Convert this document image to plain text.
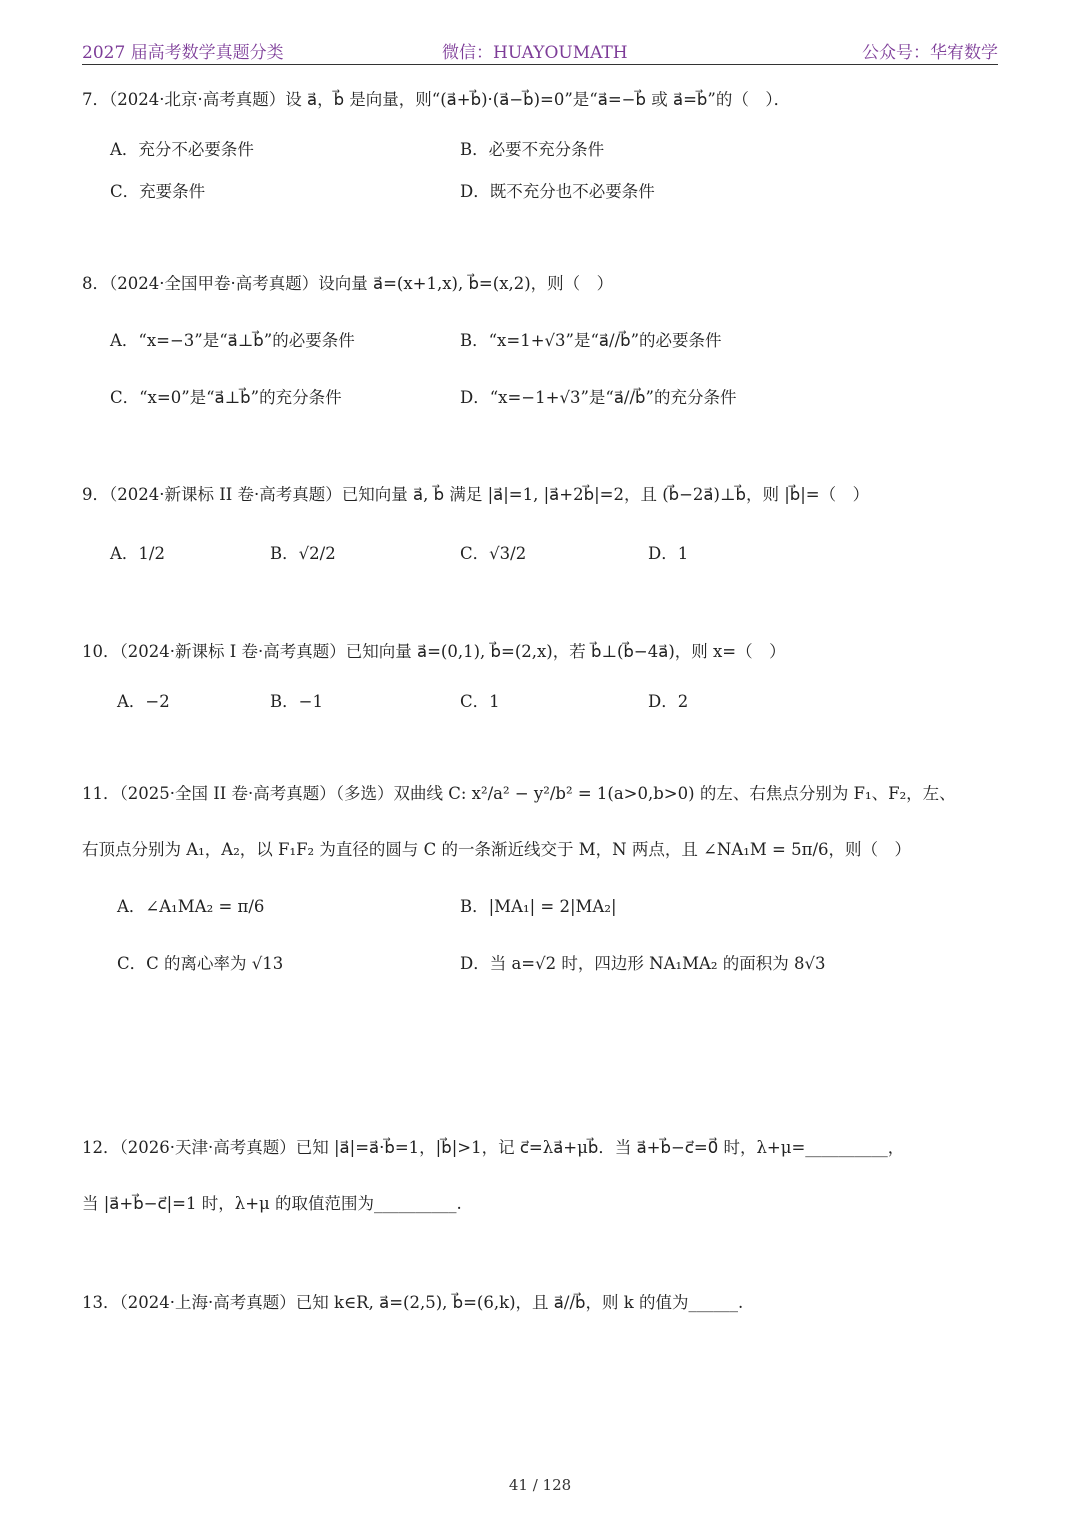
2027 届高考数学真题分类	微信：HUAYOUMATH	公众号：华宥数学
7．（2024·北京·高考真题）设 a⃗，b⃗ 是向量，则“(a⃗+b⃗)·(a⃗−b⃗)=0”是“a⃗=−b⃗ 或 a⃗=b⃗”的（　）．
A．充分不必要条件	B．必要不充分条件
C．充要条件	D．既不充分也不必要条件
8．（2024·全国甲卷·高考真题）设向量 a⃗=(x+1,x), b⃗=(x,2)，则（　）
A．“x=−3”是“a⃗⊥b⃗”的必要条件	B．“x=1+√3”是“a⃗//b⃗”的必要条件
C．“x=0”是“a⃗⊥b⃗”的充分条件	D．“x=−1+√3”是“a⃗//b⃗”的充分条件
9．（2024·新课标 II 卷·高考真题）已知向量 a⃗, b⃗ 满足 |a⃗|=1, |a⃗+2b⃗|=2，且 (b⃗−2a⃗)⊥b⃗，则 |b⃗|=（　）
A．1/2	B．√2/2	C．√3/2	D．1
10．（2024·新课标 I 卷·高考真题）已知向量 a⃗=(0,1), b⃗=(2,x)，若 b⃗⊥(b⃗−4a⃗)，则 x=（　）
A．−2	B．−1	C．1	D．2
11．（2025·全国 II 卷·高考真题）（多选）双曲线 C: x²/a² − y²/b² = 1(a>0,b>0) 的左、右焦点分别为 F₁、F₂，左、
右顶点分别为 A₁，A₂，以 F₁F₂ 为直径的圆与 C 的一条渐近线交于 M，N 两点，且 ∠NA₁M = 5π/6，则（　）
A．∠A₁MA₂ = π/6	B．|MA₁| = 2|MA₂|
C．C 的离心率为 √13	D．当 a=√2 时，四边形 NA₁MA₂ 的面积为 8√3
12．（2026·天津·高考真题）已知 |a⃗|=a⃗·b⃗=1，|b⃗|>1，记 c⃗=λa⃗+μb⃗．当 a⃗+b⃗−c⃗=0⃗ 时，λ+μ=__________，
当 |a⃗+b⃗−c⃗|=1 时，λ+μ 的取值范围为__________.
13．（2024·上海·高考真题）已知 k∈R, a⃗=(2,5), b⃗=(6,k)，且 a⃗//b⃗，则 k 的值为______.
41 / 128
